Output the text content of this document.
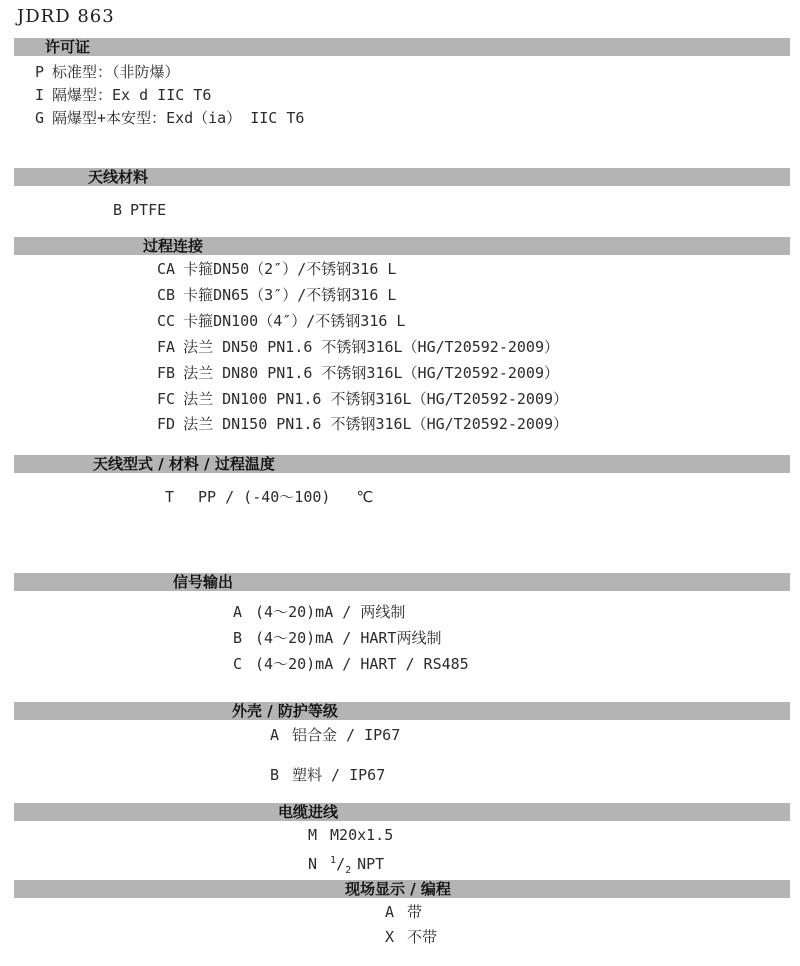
JDRD 863
许可证
P 标准型：（非防爆）
I 隔爆型：Ex d IIC T6
G 隔爆型+本安型：Exd（ia） IIC T6
天线材料
B PTFE
过程连接
CA 卡箍DN50（2″）/不锈钢316 L
CB 卡箍DN65（3″）/不锈钢316 L
CC 卡箍DN100（4″）/不锈钢316 L
FA 法兰 DN50 PN1.6 不锈钢316L（HG/T20592-2009）
FB 法兰 DN80 PN1.6 不锈钢316L（HG/T20592-2009）
FC 法兰 DN100 PN1.6 不锈钢316L（HG/T20592-2009）
FD 法兰 DN150 PN1.6 不锈钢316L（HG/T20592-2009）
天线型式 / 材料 / 过程温度
T PP / (-40～100) ℃
信号输出
A (4～20)mA / 两线制
B (4～20)mA / HART两线制
C (4～20)mA / HART / RS485
外壳 / 防护等级
A 铝合金 / IP67
B 塑料 / IP67
电缆进线
M M20x1.5
N $^1/_2$ NPT
现场显示 / 编程
A 带
X 不带
